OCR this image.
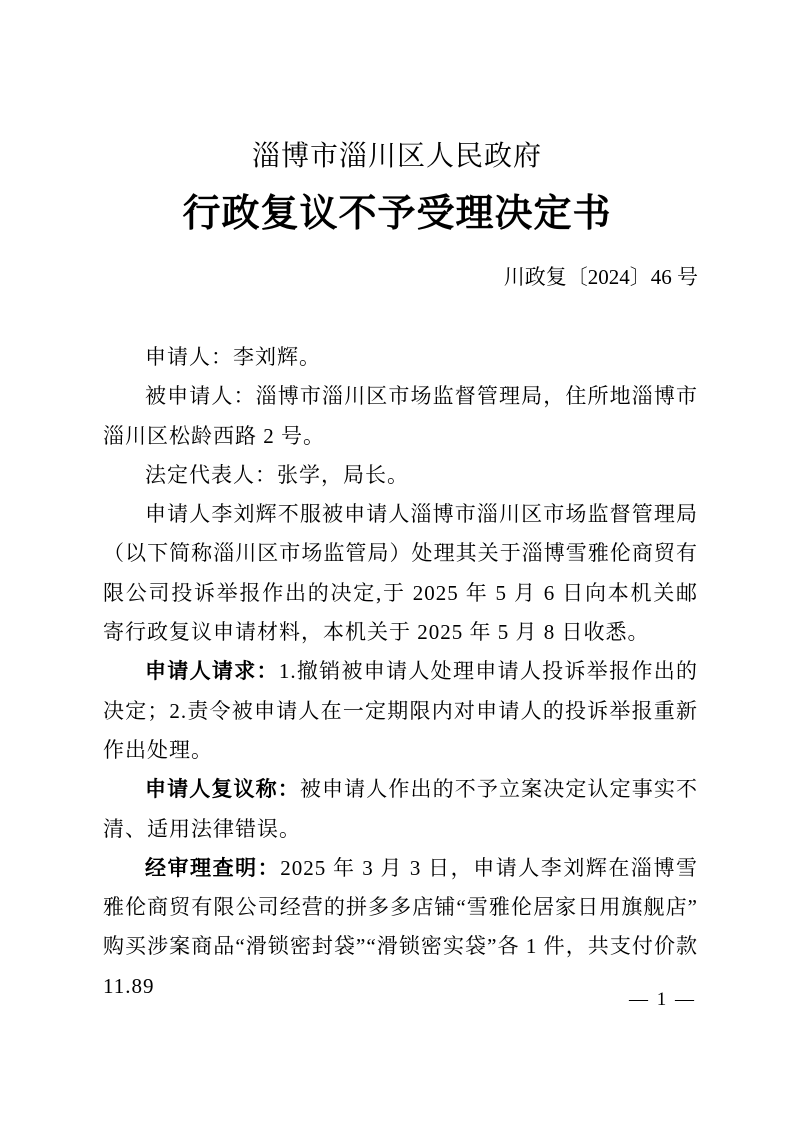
淄博市淄川区人民政府
行政复议不予受理决定书
川政复〔2024〕46 号

申请人：李刘辉。

被申请人：淄博市淄川区市场监督管理局，住所地淄博市淄川区松龄西路 2 号。

法定代表人：张学，局长。

申请人李刘辉不服被申请人淄博市淄川区市场监督管理局（以下简称淄川区市场监管局）处理其关于淄博雪雅伦商贸有限公司投诉举报作出的决定,于 2025 年 5 月 6 日向本机关邮寄行政复议申请材料，本机关于 2025 年 5 月 8 日收悉。

申请人请求：1.撤销被申请人处理申请人投诉举报作出的决定；2.责令被申请人在一定期限内对申请人的投诉举报重新作出处理。

申请人复议称：被申请人作出的不予立案决定认定事实不清、适用法律错误。

经审理查明：2025 年 3 月 3 日，申请人李刘辉在淄博雪雅伦商贸有限公司经营的拼多多店铺“雪雅伦居家日用旗舰店”购买涉案商品“滑锁密封袋”“滑锁密实袋”各 1 件，共支付价款 11.89

— 1 —
